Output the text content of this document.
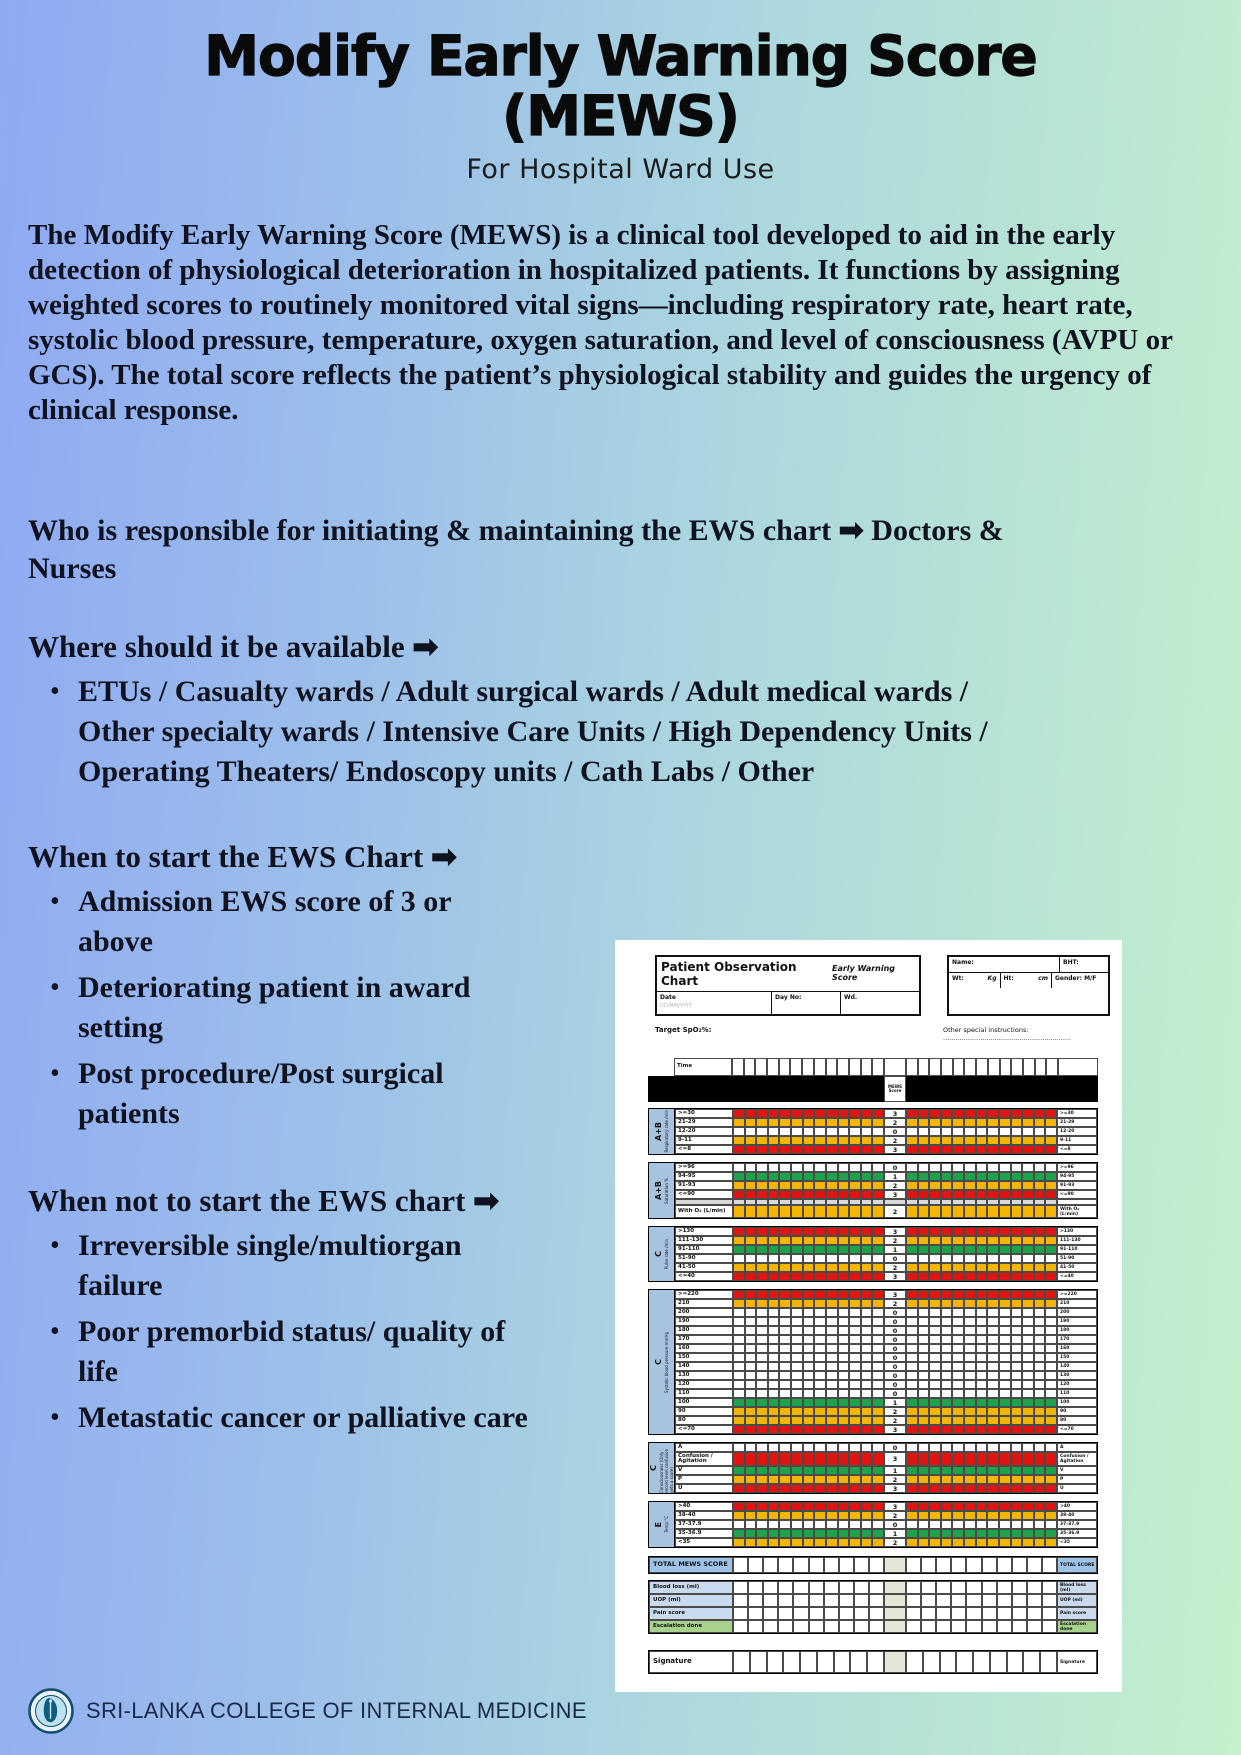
Modify Early Warning Score
(MEWS)
For Hospital Ward Use
The Modify Early Warning Score (MEWS) is a clinical tool developed to aid in the early detection of physiological deterioration in hospitalized patients. It functions by assigning weighted scores to routinely monitored vital signs—including respiratory rate, heart rate, systolic blood pressure, temperature, oxygen saturation, and level of consciousness (AVPU or GCS). The total score reflects the patient’s physiological stability and guides the urgency of clinical response.
Who is responsible for initiating & maintaining the EWS chart ➡ Doctors & Nurses
Where should it be available ➡
• ETUs / Casualty wards / Adult surgical wards / Adult medical wards / Other specialty wards / Intensive Care Units / High Dependency Units / Operating Theaters/ Endoscopy units / Cath Labs / Other
When to start the EWS Chart ➡
• Admission EWS score of 3 or above
• Deteriorating patient in award setting
• Post procedure/Post surgical patients
When not to start the EWS chart ➡
• Irreversible single/multiorgan failure
• Poor premorbid status/ quality of life
• Metastatic cancer or palliative care
Patient Observation Chart
Early Warning Score
Date
DD/MM/YYYY
Day No:	Wd.
Name:	BHT:
Wt:	Kg Ht:	cm	Gender: M/F
Target SpO₂%:	Other special instructions: ..............................................................
Time
MEWS Score
A+B Respiratory rate /min	>=30	3	>=30
21-29	2	21-29
12-20	0	12-20
9-11	2	9-11
<=8	3	<=8
A+B Saturation %
>=96	0	>=96
94-95	1	94-95
91-93	2	91-93
<=90	3	<=90
With O₂ (L/min)	2	With O₂ (L/min)
C Pulse rate /min
>130	3	>130
111-130	2	111-130
91-110	1	91-110
51-90	0	51-90
41-50	2	41-50
<=40	3	<=40
C Systolic blood pressure mmHg
>=220	3	>=220
210	2	210
200	0	200
190	0	190
180	0	180
170	0	170
160	0	160
150	0	150
140	0	140
130	0	130
120	0	120
110	0	110
100	1	100
90	2	90
80	2	80
<=70	3	<=70
C Consciousness (Only record level confusion gets a score)
A	0	A
Confusion / Agitation	3	Confusion / Agitation
V	1	V
P	2	P
U	3	U
E Temp °C
>40	3	>40
38-40	2	38-40
37-37.9	0	37-37.9
35-36.9	1	35-36.9
<35	2	<35
TOTAL MEWS SCORE	TOTAL SCORE
Blood loss (ml)	Blood loss (ml)
UOP (ml)	UOP (ml)
Pain score	Pain score
Escalation done	Escalation done
Signature	Signature
SRI-LANKA COLLEGE OF INTERNAL MEDICINE
